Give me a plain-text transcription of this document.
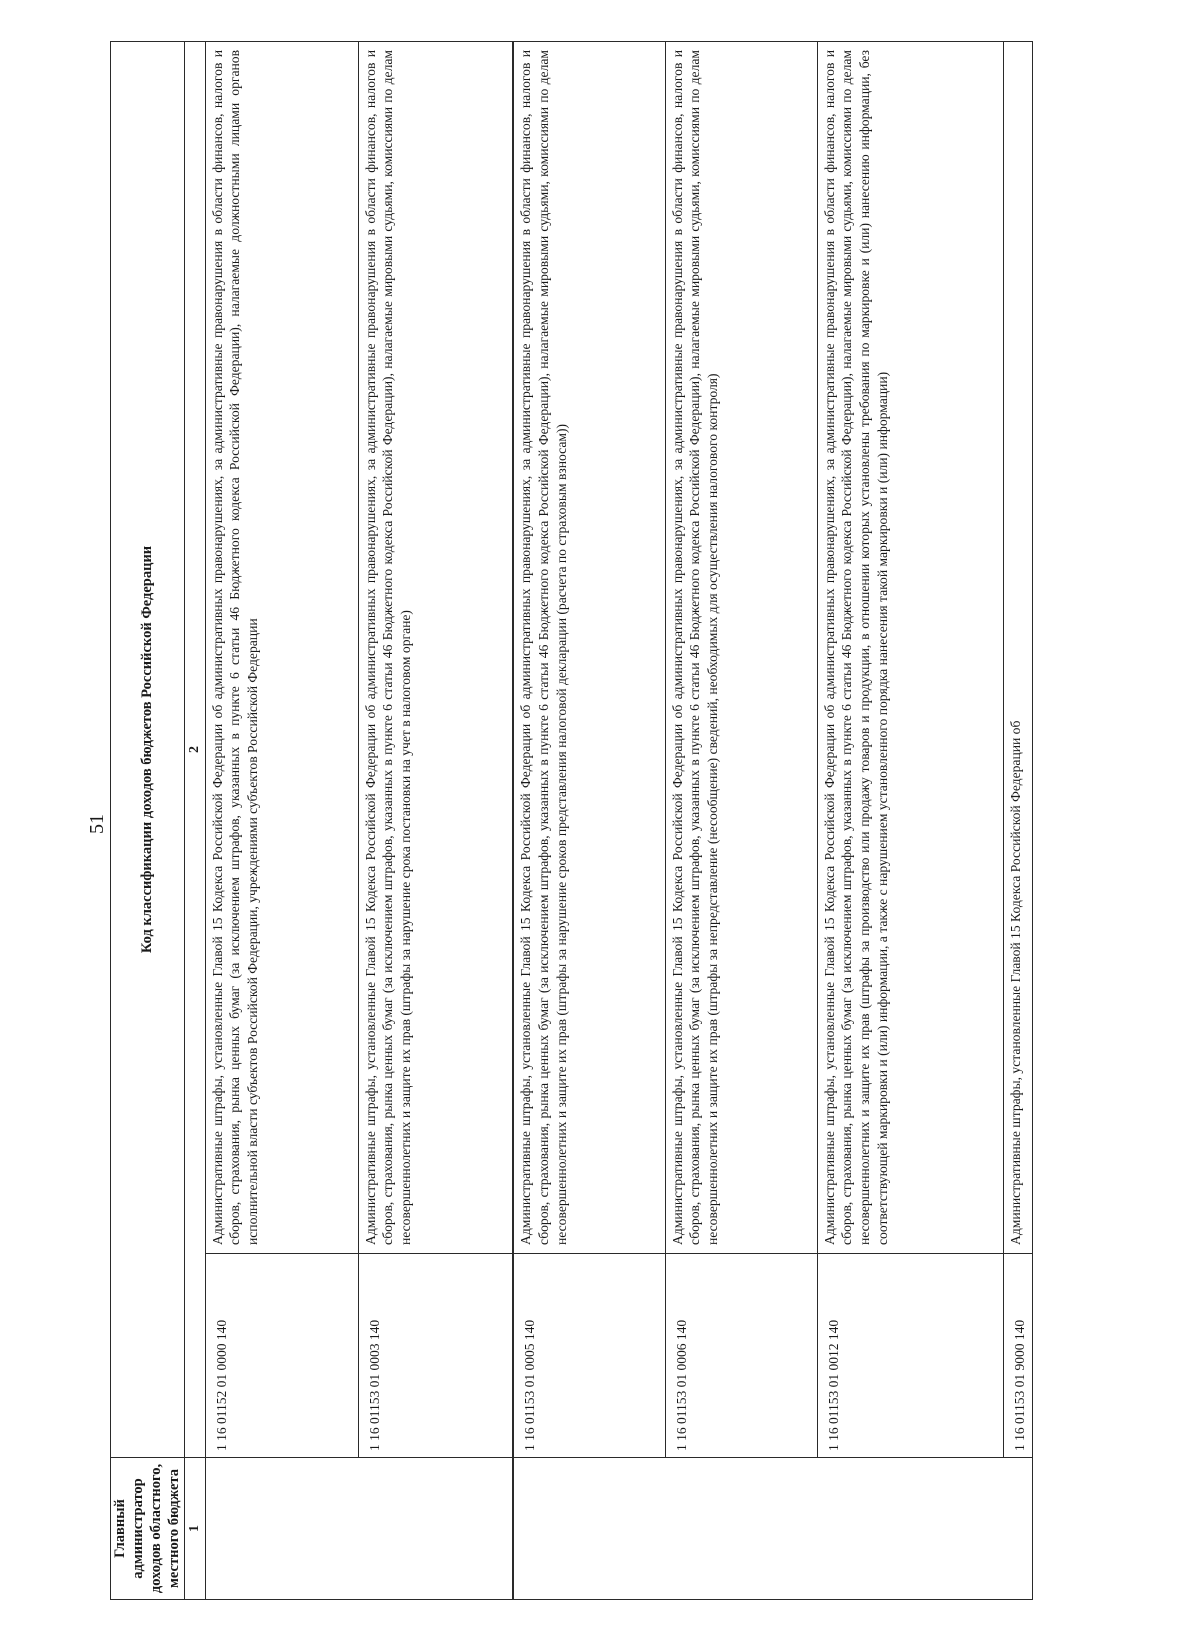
51
Главный администратор доходов областного, местного бюджета	Код классификации доходов бюджетов Российской Федерации	
1	2	

	1 16 01152 01 0000 140	Административные штрафы, установленные Главой 15 Кодекса Российской Федерации об административных правонарушениях, за административные правонарушения в области финансов, налогов и сборов, страхования, рынка ценных бумаг (за исключением штрафов, указанных в пункте 6 статьи 46 Бюджетного кодекса Российской Федерации), налагаемые должностными лицами органов исполнительной власти субъектов Российской Федерации, учреждениями субъектов Российской Федерации
	1 16 01153 01 0003 140	Административные штрафы, установленные Главой 15 Кодекса Российской Федерации об административных правонарушениях, за административные правонарушения в области финансов, налогов и сборов, страхования, рынка ценных бумаг (за исключением штрафов, указанных в пункте 6 статьи 46 Бюджетного кодекса Российской Федерации), налагаемые мировыми судьями, комиссиями по делам несовершеннолетних и защите их прав (штрафы за нарушение срока постановки на учет в налоговом органе)
	1 16 01153 01 0005 140	Административные штрафы, установленные Главой 15 Кодекса Российской Федерации об административных правонарушениях, за административные правонарушения в области финансов, налогов и сборов, страхования, рынка ценных бумаг (за исключением штрафов, указанных в пункте 6 статьи 46 Бюджетного кодекса Российской Федерации), налагаемые мировыми судьями, комиссиями по делам несовершеннолетних и защите их прав (штрафы за нарушение сроков представления налоговой декларации (расчета по страховым взносам))
	1 16 01153 01 0006 140	Административные штрафы, установленные Главой 15 Кодекса Российской Федерации об административных правонарушениях, за административные правонарушения в области финансов, налогов и сборов, страхования, рынка ценных бумаг (за исключением штрафов, указанных в пункте 6 статьи 46 Бюджетного кодекса Российской Федерации), налагаемые мировыми судьями, комиссиями по делам несовершеннолетних и защите их прав (штрафы за непредставление (несообщение) сведений, необходимых для осуществления налогового контроля)
	1 16 01153 01 0012 140	Административные штрафы, установленные Главой 15 Кодекса Российской Федерации об административных правонарушениях, за административные правонарушения в области финансов, налогов и сборов, страхования, рынка ценных бумаг (за исключением штрафов, указанных в пункте 6 статьи 46 Бюджетного кодекса Российской Федерации), налагаемые мировыми судьями, комиссиями по делам несовершеннолетних и защите их прав (штрафы за производство или продажу товаров и продукции, в отношении которых установлены требования по маркировке и (или) нанесению информации, без соответствующей маркировки и (или) информации, а также с нарушением установленного порядка нанесения такой маркировки и (или) информации)
	1 16 01153 01 9000 140	Административные штрафы, установленные Главой 15 Кодекса Российской Федерации об
